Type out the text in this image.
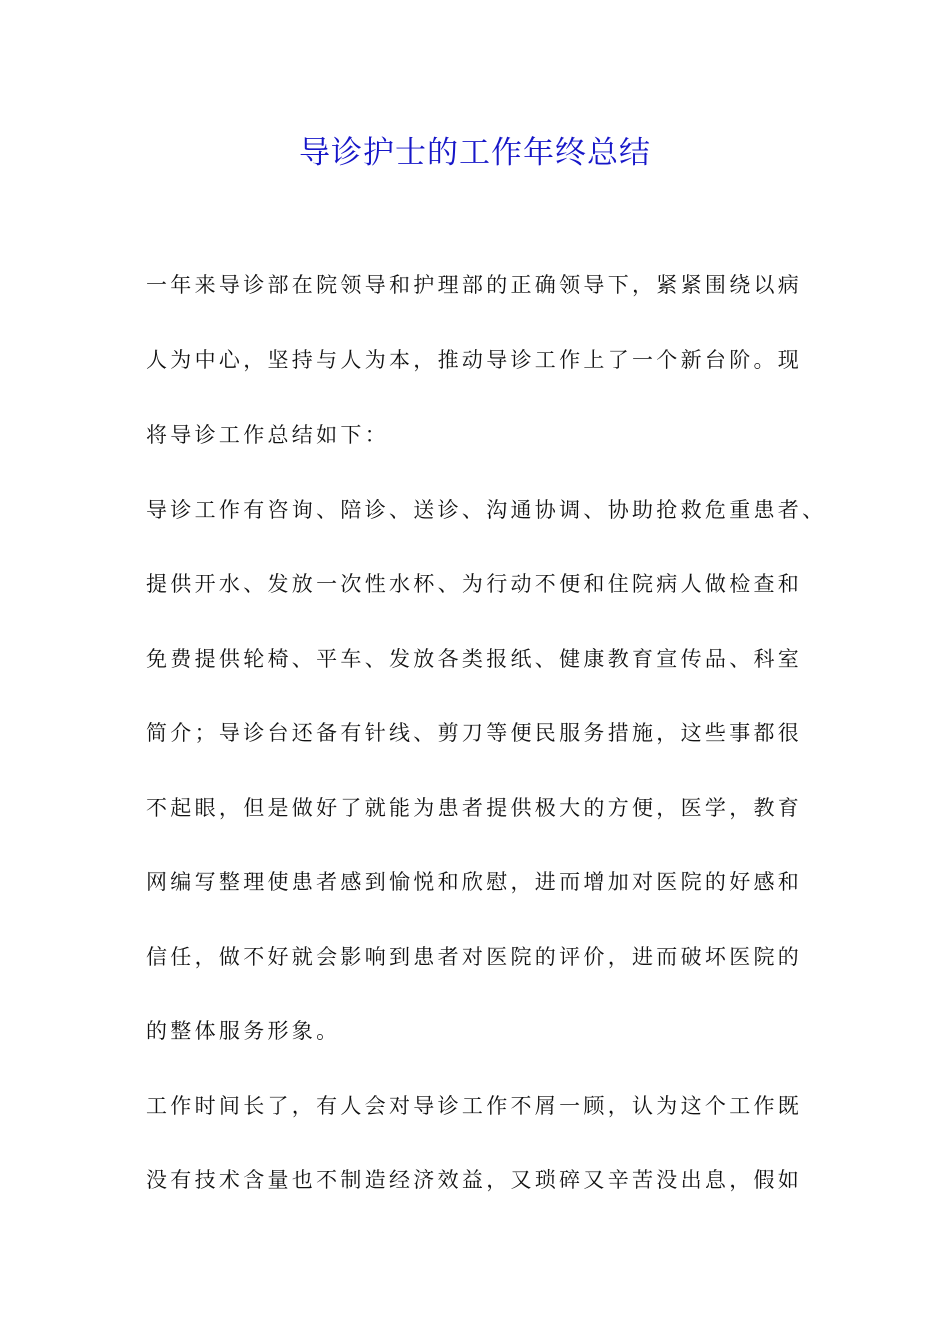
导诊护士的工作年终总结
一年来导诊部在院领导和护理部的正确领导下，紧紧围绕以病
人为中心，坚持与人为本，推动导诊工作上了一个新台阶。现
将导诊工作总结如下：
导诊工作有咨询、陪诊、送诊、沟通协调、协助抢救危重患者、
提供开水、发放一次性水杯、为行动不便和住院病人做检查和
免费提供轮椅、平车、发放各类报纸、健康教育宣传品、科室
简介；导诊台还备有针线、剪刀等便民服务措施，这些事都很
不起眼，但是做好了就能为患者提供极大的方便，医学，教育
网编写整理使患者感到愉悦和欣慰，进而增加对医院的好感和
信任，做不好就会影响到患者对医院的评价，进而破坏医院的
的整体服务形象。
工作时间长了，有人会对导诊工作不屑一顾，认为这个工作既
没有技术含量也不制造经济效益，又琐碎又辛苦没出息，假如
